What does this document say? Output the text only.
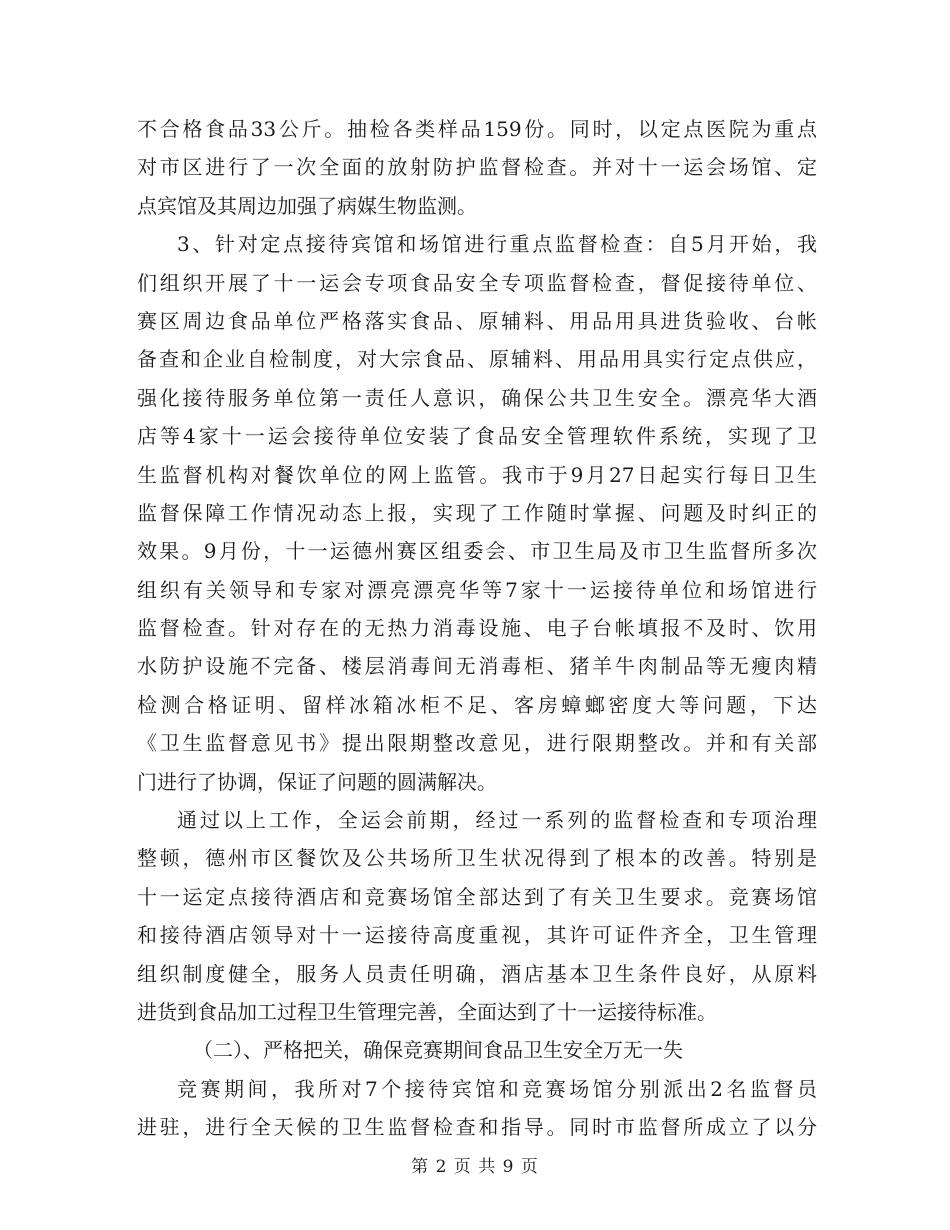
不合格食品33公斤。抽检各类样品159份。同时，以定点医院为重点
对市区进行了一次全面的放射防护监督检查。并对十一运会场馆、定
点宾馆及其周边加强了病媒生物监测。
3、针对定点接待宾馆和场馆进行重点监督检查：自5月开始，我
们组织开展了十一运会专项食品安全专项监督检查，督促接待单位、
赛区周边食品单位严格落实食品、原辅料、用品用具进货验收、台帐
备查和企业自检制度，对大宗食品、原辅料、用品用具实行定点供应，
强化接待服务单位第一责任人意识，确保公共卫生安全。漂亮华大酒
店等4家十一运会接待单位安装了食品安全管理软件系统，实现了卫
生监督机构对餐饮单位的网上监管。我市于9月27日起实行每日卫生
监督保障工作情况动态上报，实现了工作随时掌握、问题及时纠正的
效果。9月份，十一运德州赛区组委会、市卫生局及市卫生监督所多次
组织有关领导和专家对漂亮漂亮华等7家十一运接待单位和场馆进行
监督检查。针对存在的无热力消毒设施、电子台帐填报不及时、饮用
水防护设施不完备、楼层消毒间无消毒柜、猪羊牛肉制品等无瘦肉精
检测合格证明、留样冰箱冰柜不足、客房蟑螂密度大等问题，下达
《卫生监督意见书》提出限期整改意见，进行限期整改。并和有关部
门进行了协调，保证了问题的圆满解决。
通过以上工作，全运会前期，经过一系列的监督检查和专项治理
整顿，德州市区餐饮及公共场所卫生状况得到了根本的改善。特别是
十一运定点接待酒店和竞赛场馆全部达到了有关卫生要求。竞赛场馆
和接待酒店领导对十一运接待高度重视，其许可证件齐全，卫生管理
组织制度健全，服务人员责任明确，酒店基本卫生条件良好，从原料
进货到食品加工过程卫生管理完善，全面达到了十一运接待标准。
（二）、严格把关，确保竞赛期间食品卫生安全万无一失
竞赛期间，我所对7个接待宾馆和竞赛场馆分别派出2名监督员
进驻，进行全天候的卫生监督检查和指导。同时市监督所成立了以分
第 2 页 共 9 页
